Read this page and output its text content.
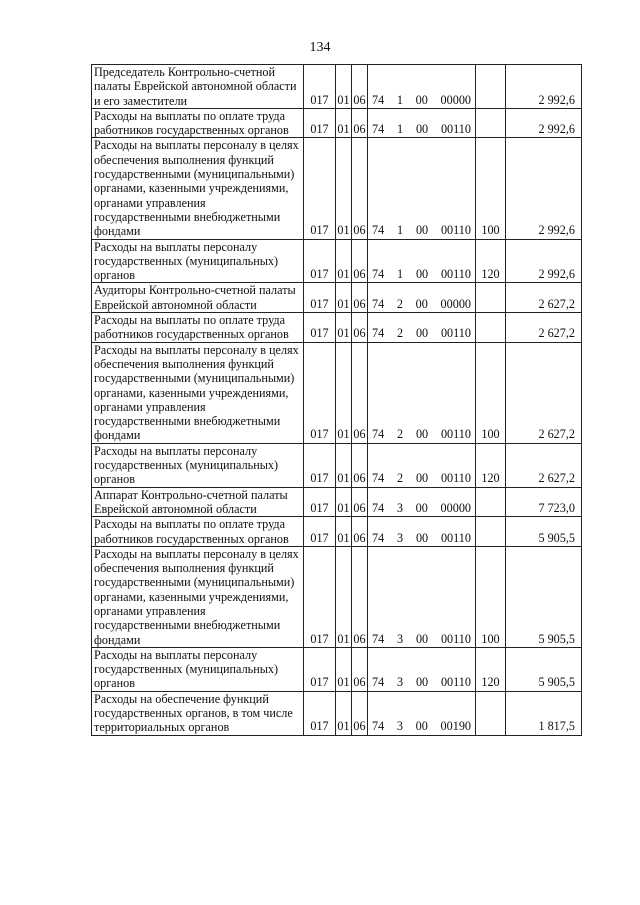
134
Председатель Контрольно-счетной палаты Еврейской автономной области и его заместители	017	01	06	74 1 00 00000		2 992,6
Расходы на выплаты по оплате труда работников государственных органов	017	01	06	74 1 00 00110		2 992,6
Расходы на выплаты персоналу в целях обеспечения выполнения функций государственными (муниципальными) органами, казенными учреждениями, органами управления государственными внебюджетными фондами	017	01	06	74 1 00 00110	100	2 992,6
Расходы на выплаты персоналу государственных (муниципальных) органов	017	01	06	74 1 00 00110	120	2 992,6
Аудиторы Контрольно-счетной палаты Еврейской автономной области	017	01	06	74 2 00 00000		2 627,2
Расходы на выплаты по оплате труда работников государственных органов	017	01	06	74 2 00 00110		2 627,2
Расходы на выплаты персоналу в целях обеспечения выполнения функций государственными (муниципальными) органами, казенными учреждениями, органами управления государственными внебюджетными фондами	017	01	06	74 2 00 00110	100	2 627,2
Расходы на выплаты персоналу государственных (муниципальных) органов	017	01	06	74 2 00 00110	120	2 627,2
Аппарат Контрольно-счетной палаты Еврейской автономной области	017	01	06	74 3 00 00000		7 723,0
Расходы на выплаты по оплате труда работников государственных органов	017	01	06	74 3 00 00110		5 905,5
Расходы на выплаты персоналу в целях обеспечения выполнения функций государственными (муниципальными) органами, казенными учреждениями, органами управления государственными внебюджетными фондами	017	01	06	74 3 00 00110	100	5 905,5
Расходы на выплаты персоналу государственных (муниципальных) органов	017	01	06	74 3 00 00110	120	5 905,5
Расходы на обеспечение функций государственных органов, в том числе территориальных органов	017	01	06	74 3 00 00190		1 817,5
